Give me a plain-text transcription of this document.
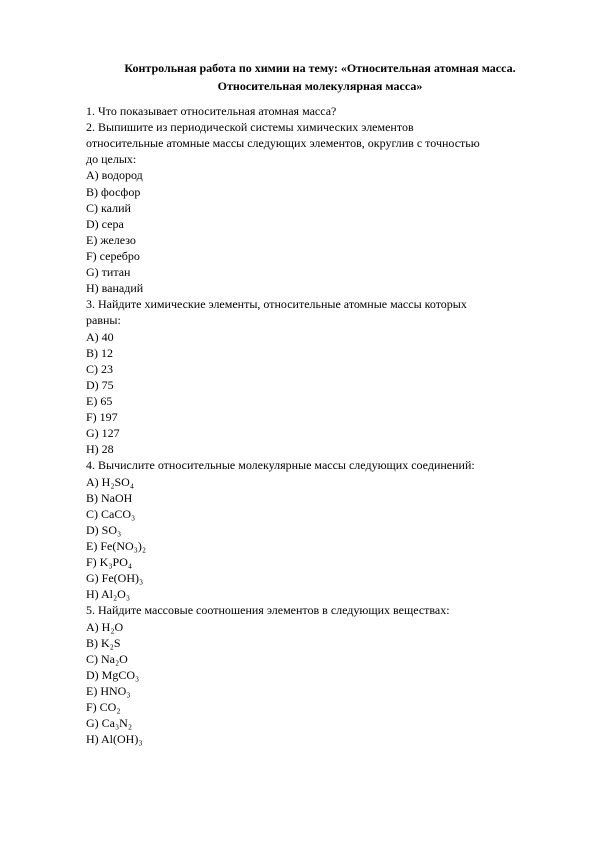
Контрольная работа по химии на тему: «Относительная атомная масса.
Относительная молекулярная масса»
1. Что показывает относительная атомная масса?
2. Выпишите из периодической системы химических элементов
относительные атомные массы следующих элементов, округлив с точностью
до целых:
A) водород
B) фосфор
C) калий
D) сера
E) железо
F) серебро
G) титан
H) ванадий
3. Найдите химические элементы, относительные атомные массы которых
равны:
A) 40
B) 12
C) 23
D) 75
E) 65
F) 197
G) 127
H) 28
4. Вычислите относительные молекулярные массы следующих соединений:
A) H₂SO₄
B) NaOH
C) CaCO₃
D) SO₃
E) Fe(NO₃)₂
F) K₃PO₄
G) Fe(OH)₃
H) Al₂O₃
5. Найдите массовые соотношения элементов в следующих веществах:
A) H₂O
B) K₂S
C) Na₂O
D) MgCO₃
E) HNO₃
F) CO₂
G) Ca₃N₂
H) Al(OH)₃
